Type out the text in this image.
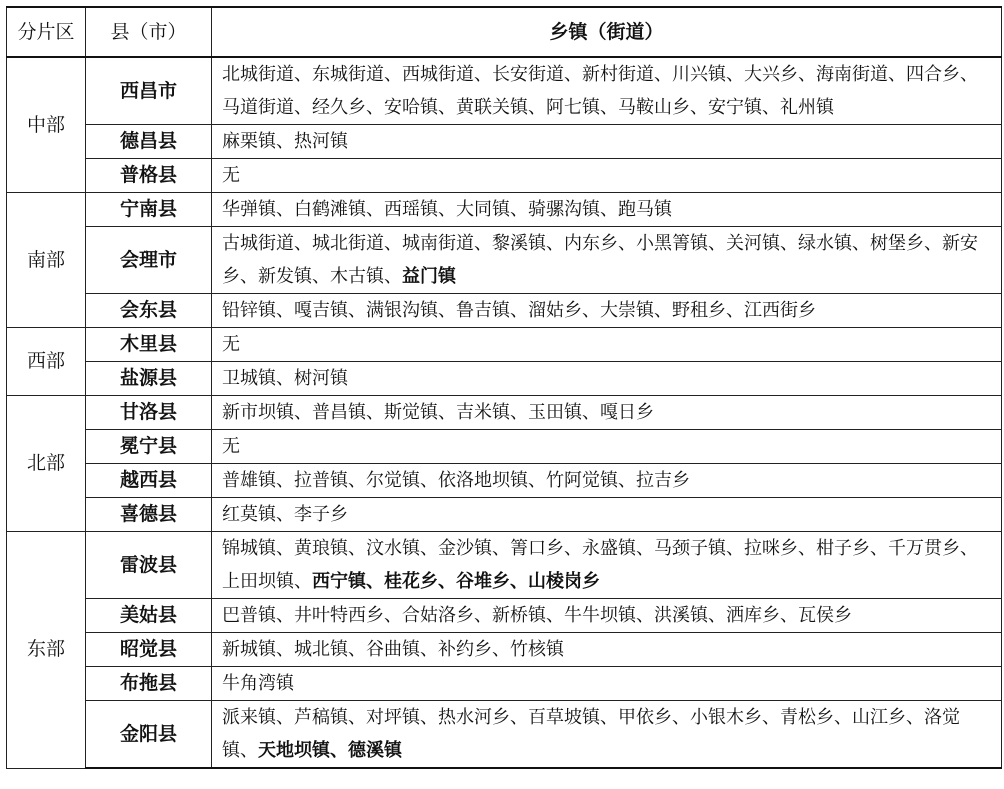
分片区	县（市）	乡镇（街道）
中部	西昌市	北城街道、东城街道、西城街道、长安街道、新村街道、川兴镇、大兴乡、海南街道、四合乡、马道街道、经久乡、安哈镇、黄联关镇、阿七镇、马鞍山乡、安宁镇、礼州镇
	德昌县	麻栗镇、热河镇
	普格县	无
南部	宁南县	华弹镇、白鹤滩镇、西瑶镇、大同镇、骑骡沟镇、跑马镇
	会理市	古城街道、城北街道、城南街道、黎溪镇、内东乡、小黑箐镇、关河镇、绿水镇、树堡乡、新安乡、新发镇、木古镇、益门镇
	会东县	铅锌镇、嘎吉镇、满银沟镇、鲁吉镇、溜姑乡、大崇镇、野租乡、江西街乡
西部	木里县	无
	盐源县	卫城镇、树河镇
北部	甘洛县	新市坝镇、普昌镇、斯觉镇、吉米镇、玉田镇、嘎日乡
	冕宁县	无
	越西县	普雄镇、拉普镇、尔觉镇、依洛地坝镇、竹阿觉镇、拉吉乡
	喜德县	红莫镇、李子乡
东部	雷波县	锦城镇、黄琅镇、汶水镇、金沙镇、箐口乡、永盛镇、马颈子镇、拉咪乡、柑子乡、千万贯乡、上田坝镇、西宁镇、桂花乡、谷堆乡、山棱岗乡
	美姑县	巴普镇、井叶特西乡、合姑洛乡、新桥镇、牛牛坝镇、洪溪镇、洒库乡、瓦侯乡
	昭觉县	新城镇、城北镇、谷曲镇、补约乡、竹核镇
	布拖县	牛角湾镇
	金阳县	派来镇、芦稿镇、对坪镇、热水河乡、百草坡镇、甲依乡、小银木乡、青松乡、山江乡、洛觉镇、天地坝镇、德溪镇
